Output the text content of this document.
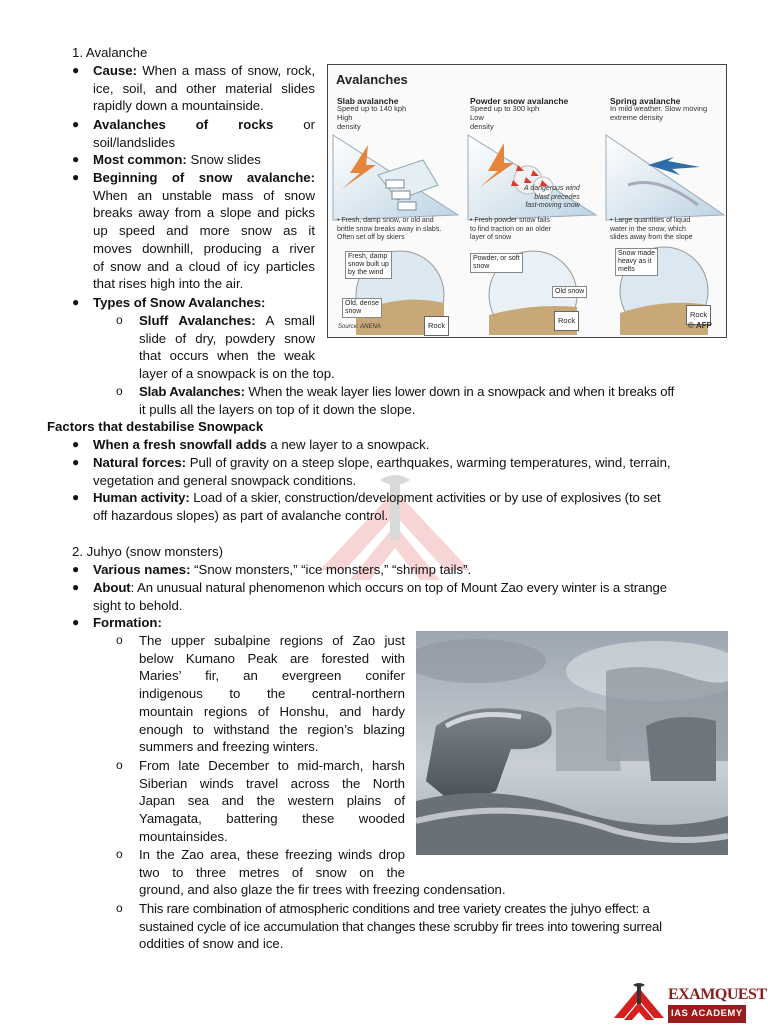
1. Avalanche
● Cause: When a mass of snow, rock,
ice, soil, and other material slides
rapidly down a mountainside.
● Avalanches of rocks or
soil/landslides
● Most common: Snow slides
● Beginning of snow avalanche:
When an unstable mass of snow
breaks away from a slope and picks
up speed and more snow as it
moves downhill, producing a river
of snow and a cloud of icy particles
that rises high into the air.
● Types of Snow Avalanches:
o Sluff Avalanches: A small
slide of dry, powdery snow
that occurs when the weak
layer of a snowpack is on the top.
o Slab Avalanches: When the weak layer lies lower down in a snowpack and when it breaks off
it pulls all the layers on top of it down the slope.
Avalanches
Slab avalanche
Speed up to 140 kph
High
density
Powder snow avalanche
Speed up to 300 kph
Low
density
Spring avalanche
In mild weather. Slow moving
extreme density
A dangerous wind
blast precedes
fast-moving snow
• Fresh, damp snow, or old and
brittle snow breaks away in slabs.
Often set off by skiers
• Fresh powder snow fails
to find traction on an older
layer of snow
• Large quantities of liquid
water in the snow, which
slides away from the slope
Fresh, damp
snow built up
by the wind
Old, dense
snow
Powder, or soft
snow
Old snow
Snow made
heavy as it
melts
Rock
Rock
Rock
Source: ANENA	© AFP
Factors that destabilise Snowpack
● When a fresh snowfall adds a new layer to a snowpack.
● Natural forces: Pull of gravity on a steep slope, earthquakes, warming temperatures, wind, terrain,
vegetation and general snowpack conditions.
● Human activity: Load of a skier, construction/development activities or by use of explosives (to set
off hazardous slopes) as part of avalanche control.
2. Juhyo (snow monsters)
● Various names: “Snow monsters,” “ice monsters,” “shrimp tails”.
● About: An unusual natural phenomenon which occurs on top of Mount Zao every winter is a strange
sight to behold.
● Formation:
o The upper subalpine regions of Zao just
below Kumano Peak are forested with
Maries’ fir, an evergreen conifer
indigenous to the central-northern
mountain regions of Honshu, and hardy
enough to withstand the region’s blazing
summers and freezing winters.
o From late December to mid-march, harsh
Siberian winds travel across the North
Japan sea and the western plains of
Yamagata, battering these wooded
mountainsides.
o In the Zao area, these freezing winds drop
two to three metres of snow on the
ground, and also glaze the fir trees with freezing condensation.
o This rare combination of atmospheric conditions and tree variety creates the juhyo effect: a
sustained cycle of ice accumulation that changes these scrubby fir trees into towering surreal
oddities of snow and ice.
EXAMQUEST
IAS ACADEMY
